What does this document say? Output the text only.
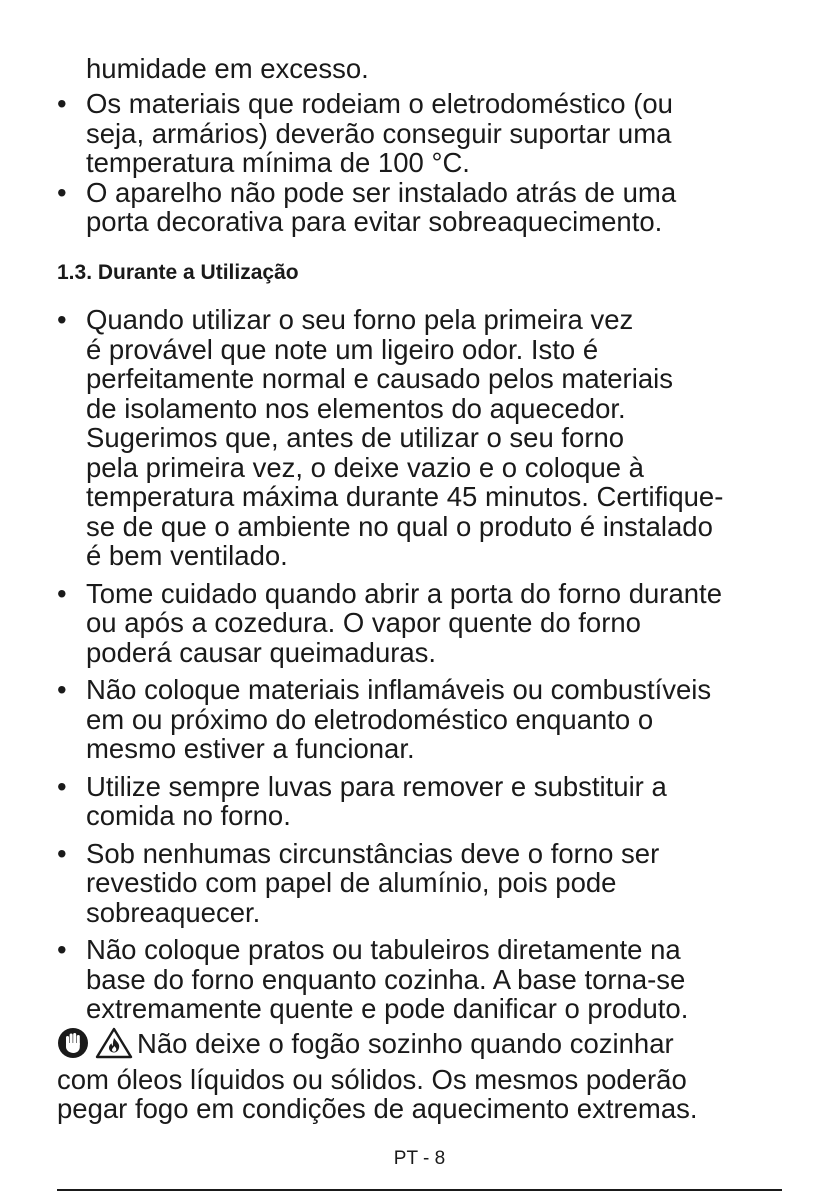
humidade em excesso.
• Os materiais que rodeiam o eletrodoméstico (ou
seja, armários) deverão conseguir suportar uma
temperatura mínima de 100 °C.
• O aparelho não pode ser instalado atrás de uma
porta decorativa para evitar sobreaquecimento.
1.3. Durante a Utilização
• Quando utilizar o seu forno pela primeira vez
é provável que note um ligeiro odor. Isto é
perfeitamente normal e causado pelos materiais
de isolamento nos elementos do aquecedor.
Sugerimos que, antes de utilizar o seu forno
pela primeira vez, o deixe vazio e o coloque à
temperatura máxima durante 45 minutos. Certifique-
se de que o ambiente no qual o produto é instalado
é bem ventilado.
• Tome cuidado quando abrir a porta do forno durante
ou após a cozedura. O vapor quente do forno
poderá causar queimaduras.
• Não coloque materiais inflamáveis ou combustíveis
em ou próximo do eletrodoméstico enquanto o
mesmo estiver a funcionar.
• Utilize sempre luvas para remover e substituir a
comida no forno.
• Sob nenhumas circunstâncias deve o forno ser
revestido com papel de alumínio, pois pode
sobreaquecer.
• Não coloque pratos ou tabuleiros diretamente na
base do forno enquanto cozinha. A base torna-se
extremamente quente e pode danificar o produto.
Não deixe o fogão sozinho quando cozinhar
com óleos líquidos ou sólidos. Os mesmos poderão
pegar fogo em condições de aquecimento extremas.
PT - 8
